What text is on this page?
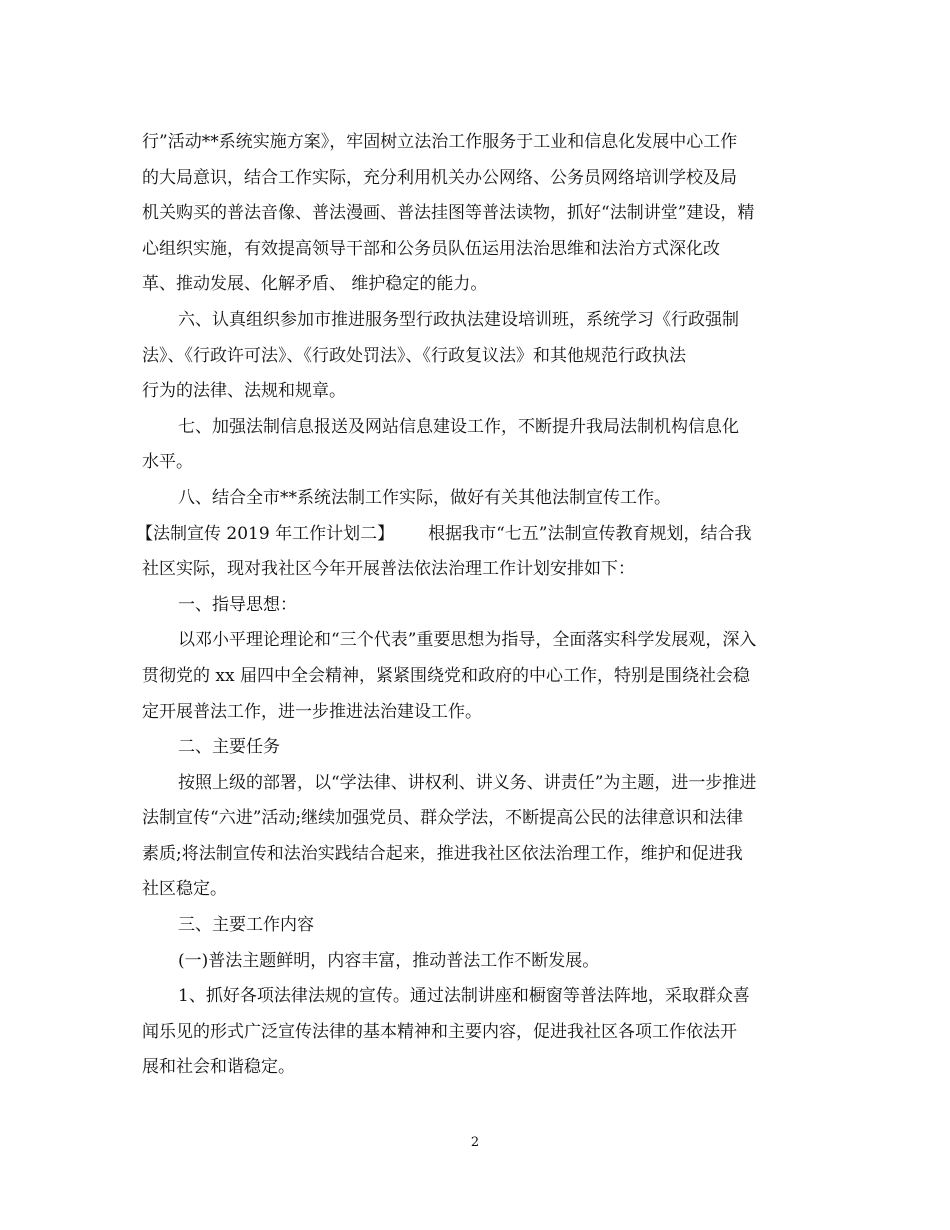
行”活动**系统实施方案》，牢固树立法治工作服务于工业和信息化发展中心工作
的大局意识，结合工作实际，充分利用机关办公网络、公务员网络培训学校及局
机关购买的普法音像、普法漫画、普法挂图等普法读物，抓好“法制讲堂”建设，精
心组织实施，有效提高领导干部和公务员队伍运用法治思维和法治方式深化改
革、推动发展、化解矛盾、 维护稳定的能力。
六、认真组织参加市推进服务型行政执法建设培训班，系统学习《行政强制
法》、《行政许可法》、《行政处罚法》、《行政复议法》和其他规范行政执法
行为的法律、法规和规章。
七、加强法制信息报送及网站信息建设工作，不断提升我局法制机构信息化
水平。
八、结合全市**系统法制工作实际，做好有关其他法制宣传工作。
【法制宣传 2019 年工作计划二】 根据我市“七五”法制宣传教育规划，结合我
社区实际，现对我社区今年开展普法依法治理工作计划安排如下：
一、指导思想：
以邓小平理论理论和“三个代表”重要思想为指导，全面落实科学发展观，深入
贯彻党的 xx 届四中全会精神，紧紧围绕党和政府的中心工作，特别是围绕社会稳
定开展普法工作，进一步推进法治建设工作。
二、主要任务
按照上级的部署，以“学法律、讲权利、讲义务、讲责任”为主题，进一步推进
法制宣传“六进”活动;继续加强党员、群众学法，不断提高公民的法律意识和法律
素质;将法制宣传和法治实践结合起来，推进我社区依法治理工作，维护和促进我
社区稳定。
三、主要工作内容
(一)普法主题鲜明，内容丰富，推动普法工作不断发展。
1、抓好各项法律法规的宣传。通过法制讲座和橱窗等普法阵地，采取群众喜
闻乐见的形式广泛宣传法律的基本精神和主要内容，促进我社区各项工作依法开
展和社会和谐稳定。
2
